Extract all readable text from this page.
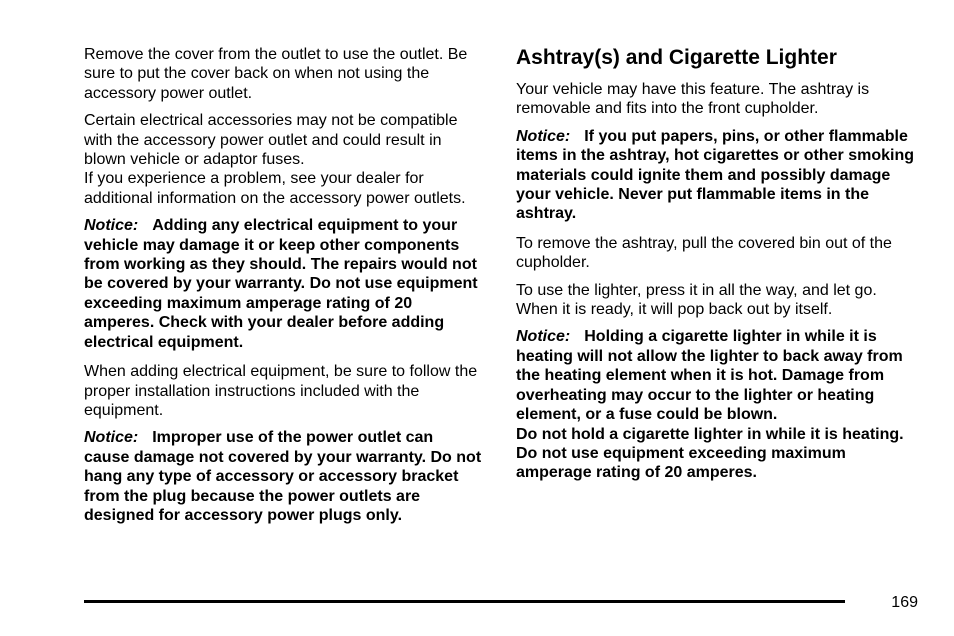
Remove the cover from the outlet to use the outlet. Be sure to put the cover back on when not using the accessory power outlet.

Certain electrical accessories may not be compatible with the accessory power outlet and could result in blown vehicle or adaptor fuses.
If you experience a problem, see your dealer for additional information on the accessory power outlets.

Notice: Adding any electrical equipment to your vehicle may damage it or keep other components from working as they should. The repairs would not be covered by your warranty. Do not use equipment exceeding maximum amperage rating of 20 amperes. Check with your dealer before adding electrical equipment.

When adding electrical equipment, be sure to follow the proper installation instructions included with the equipment.

Notice: Improper use of the power outlet can cause damage not covered by your warranty. Do not hang any type of accessory or accessory bracket from the plug because the power outlets are designed for accessory power plugs only.

Ashtray(s) and Cigarette Lighter

Your vehicle may have this feature. The ashtray is removable and fits into the front cupholder.

Notice: If you put papers, pins, or other flammable items in the ashtray, hot cigarettes or other smoking materials could ignite them and possibly damage your vehicle. Never put flammable items in the ashtray.

To remove the ashtray, pull the covered bin out of the cupholder.

To use the lighter, press it in all the way, and let go. When it is ready, it will pop back out by itself.

Notice: Holding a cigarette lighter in while it is heating will not allow the lighter to back away from the heating element when it is hot. Damage from overheating may occur to the lighter or heating element, or a fuse could be blown.
Do not hold a cigarette lighter in while it is heating. Do not use equipment exceeding maximum amperage rating of 20 amperes.

169
